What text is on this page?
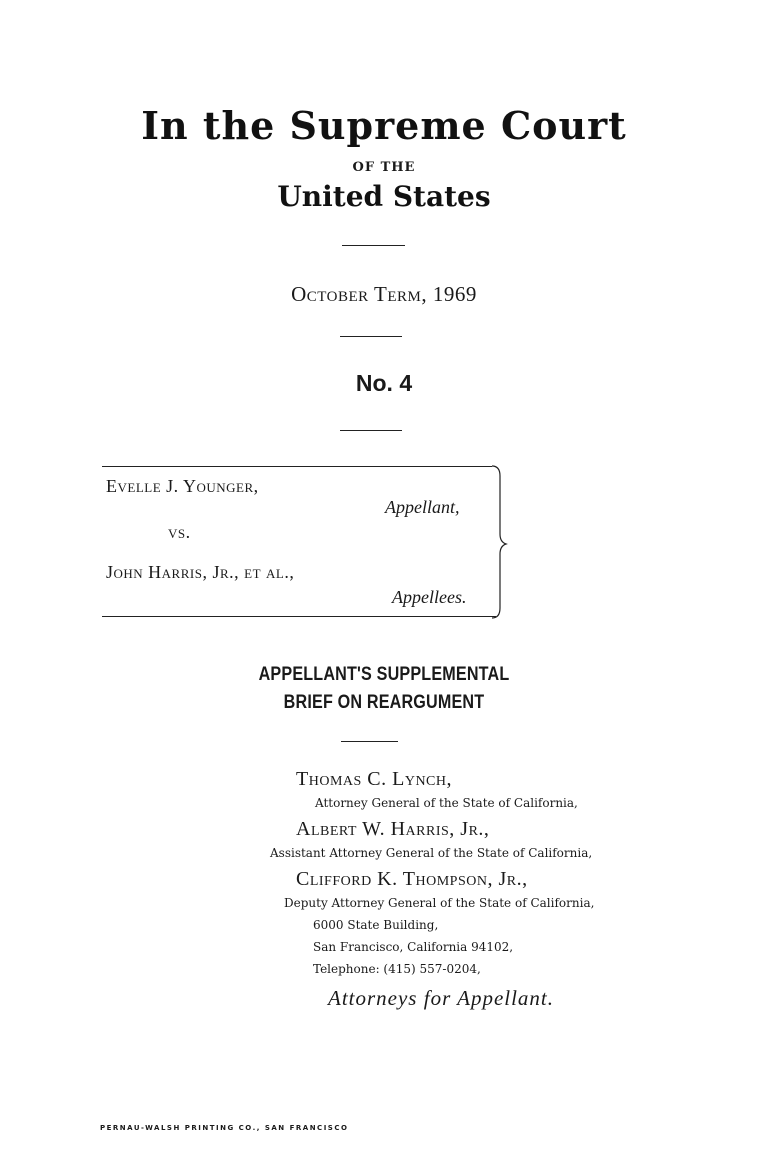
In the Supreme Court
OF THE
United States
October Term, 1969
No. 4
Evelle J. Younger,
Appellant,
vs.
John Harris, Jr., et al.,
Appellees.
APPELLANT'S SUPPLEMENTAL
BRIEF ON REARGUMENT
Thomas C. Lynch,
Attorney General of the State of California,
Albert W. Harris, Jr.,
Assistant Attorney General of the State of California,
Clifford K. Thompson, Jr.,
Deputy Attorney General of the State of California,
6000 State Building,
San Francisco, California 94102,
Telephone: (415) 557-0204,
Attorneys for Appellant.
PERNAU-WALSH PRINTING CO., SAN FRANCISCO
